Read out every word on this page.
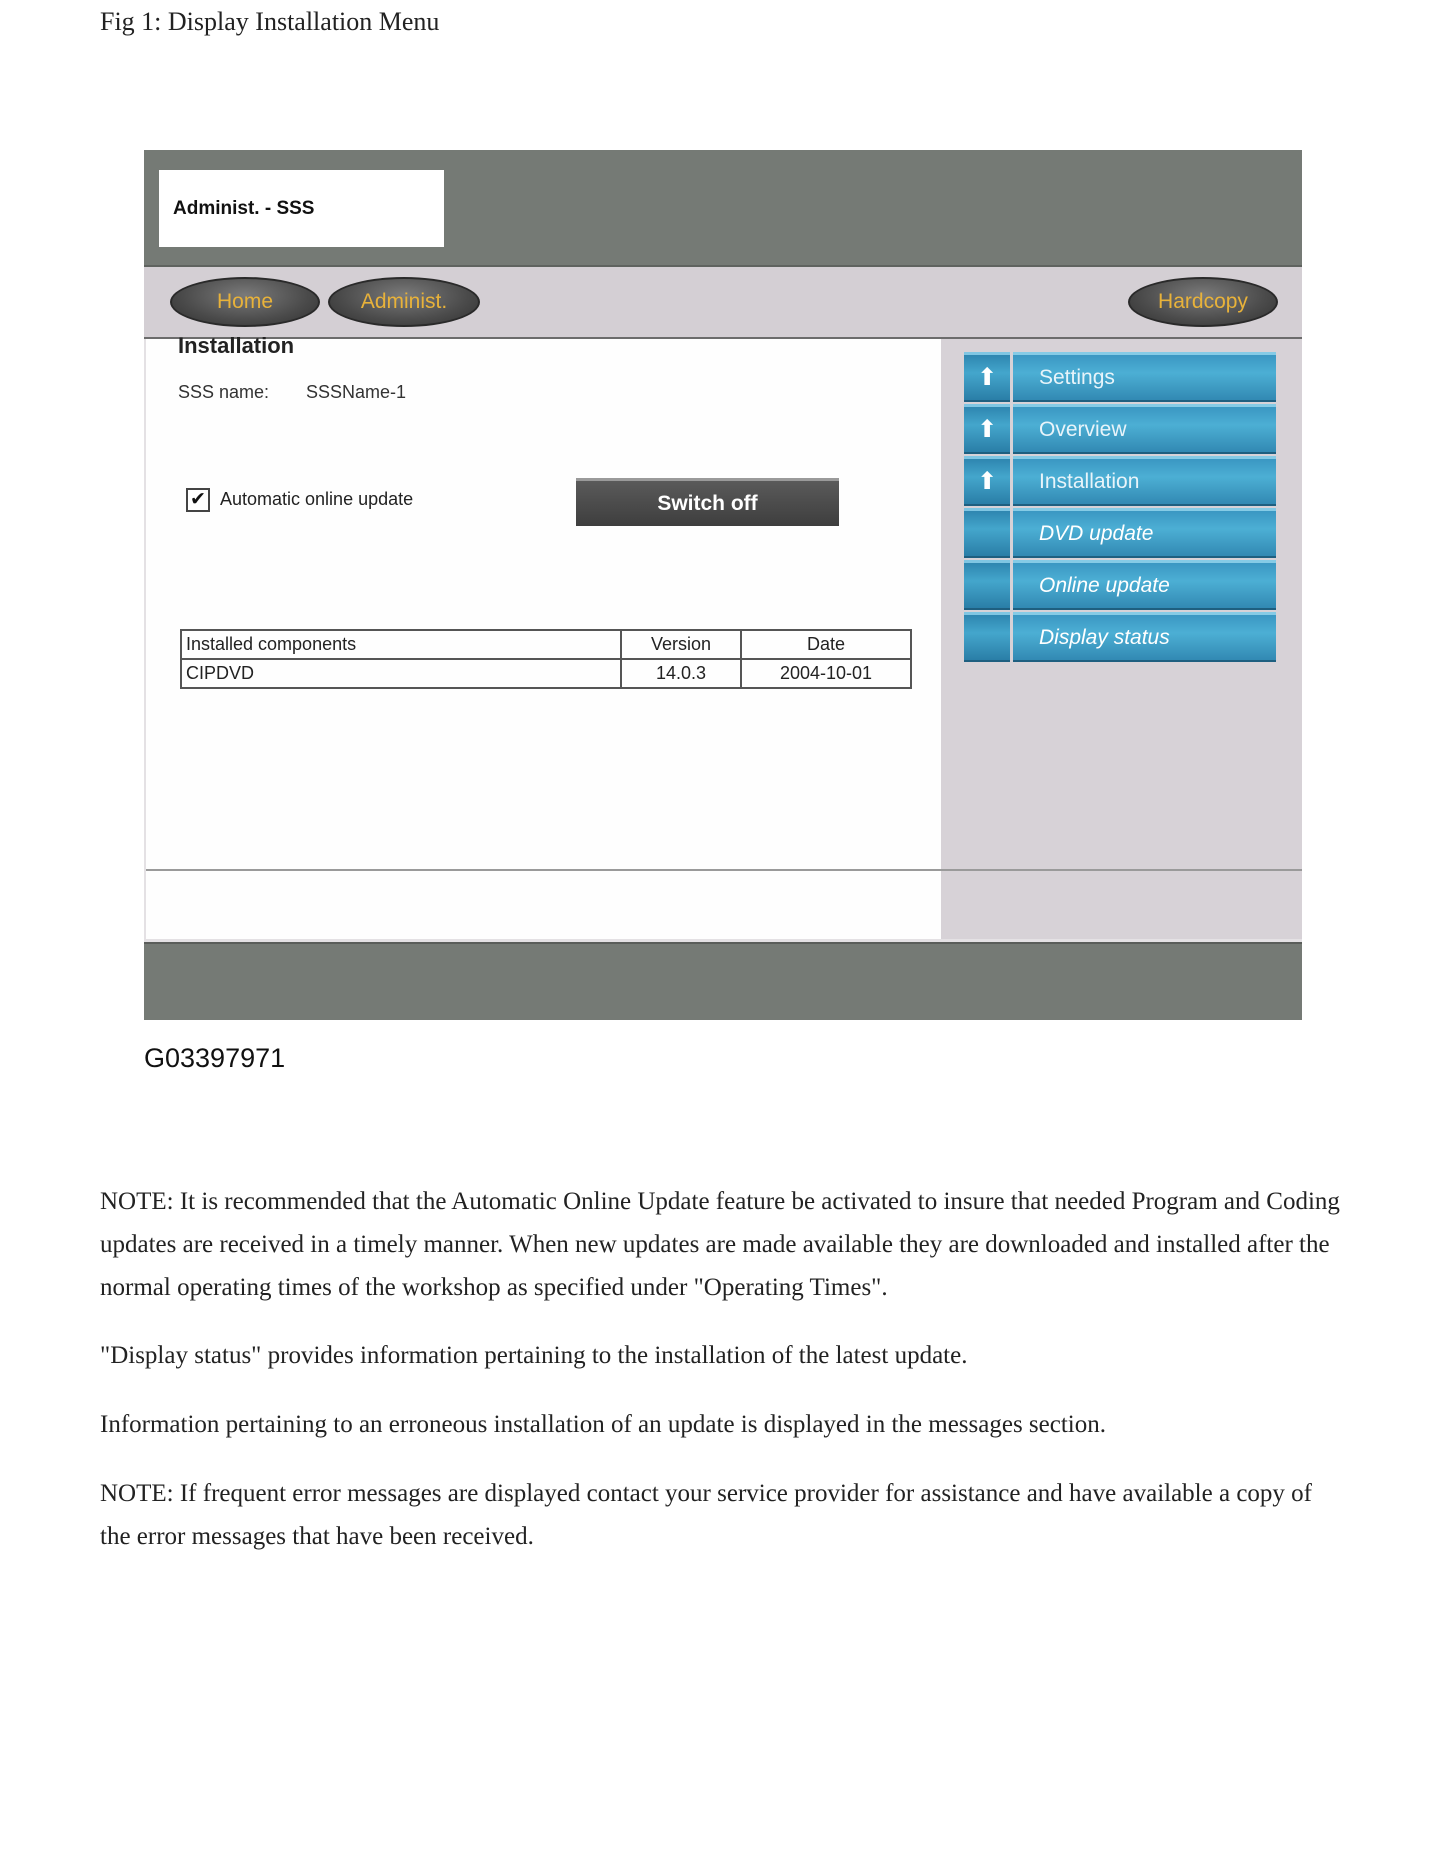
Fig 1: Display Installation Menu
Administ. - SSS
Home	Administ.	Hardcopy
Installation
SSS name: SSSName-1
✔ Automatic online update	Switch off
Installed components	Version	Date
CIPDVD	14.0.3	2004-10-01
⬆	Settings
⬆	Overview
⬆	Installation
DVD update
Online update
Display status
G03397971

NOTE: It is recommended that the Automatic Online Update feature be activated to insure that needed Program and Coding updates are received in a timely manner. When new updates are made available they are downloaded and installed after the normal operating times of the workshop as specified under "Operating Times".

"Display status" provides information pertaining to the installation of the latest update.

Information pertaining to an erroneous installation of an update is displayed in the messages section.

NOTE: If frequent error messages are displayed contact your service provider for assistance and have available a copy of the error messages that have been received.
